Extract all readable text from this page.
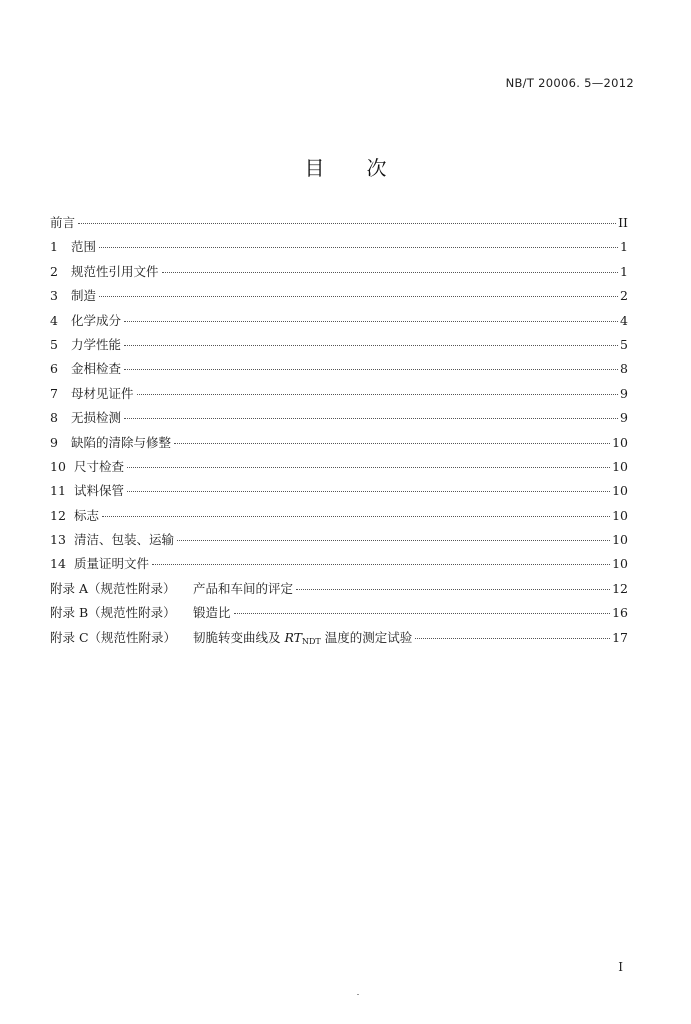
NB/T 20006. 5—2012
目次
前言	II
1	范围	1
2	规范性引用文件	1
3	制造	2
4	化学成分	4
5	力学性能	5
6	金相检查	8
7	母材见证件	9
8	无损检测	9
9	缺陷的清除与修整	10
10 尺寸检查	10
11 试料保管	10
12 标志	10
13 清洁、包装、运输	10
14 质量证明文件	10
附录 A（规范性附录）	产品和车间的评定	12
附录 B（规范性附录）	锻造比	16
附录 C（规范性附录）	韧脆转变曲线及 $RT_{NDT}$ 温度的测定试验	17
I
